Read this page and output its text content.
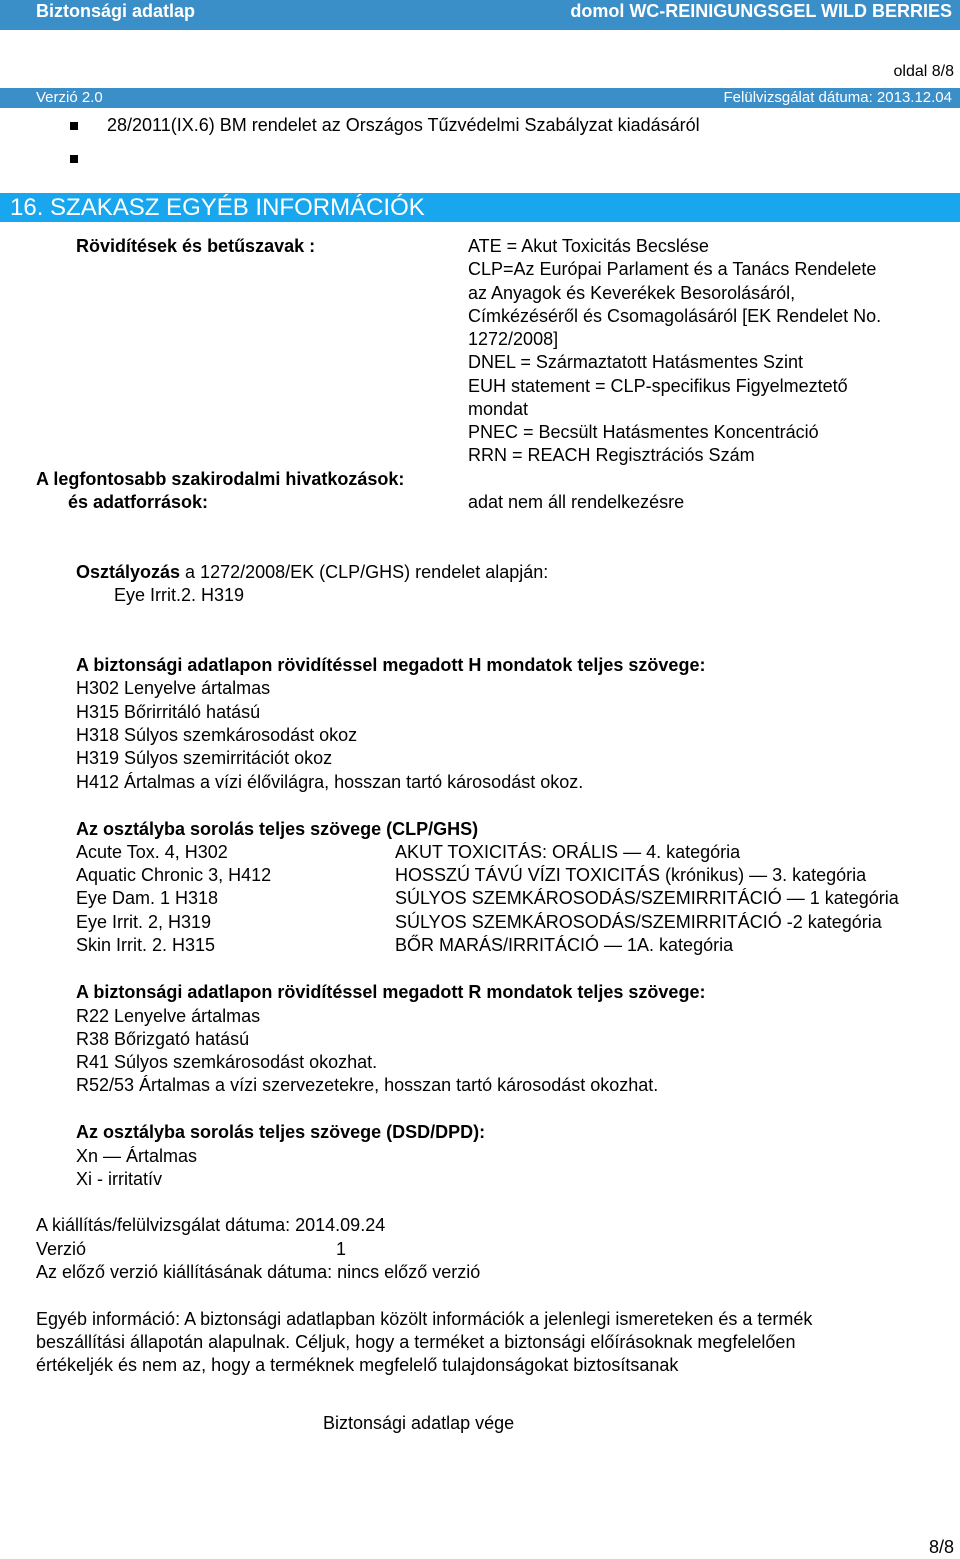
Biztonsági adatlap	domol WC-REINIGUNGSGEL WILD BERRIES
oldal 8/8
Verzió 2.0	Felülvizsgálat dátuma: 2013.12.04
28/2011(IX.6) BM rendelet az Országos Tűzvédelmi Szabályzat kiadásáról
16. SZAKASZ EGYÉB INFORMÁCIÓK
Rövidítések és betűszavak :	ATE = Akut Toxicitás Becslése
CLP=Az Európai Parlament és a Tanács Rendelete
az Anyagok és Keverékek Besorolásáról,
Címkézéséről és Csomagolásáról [EK Rendelet No.
1272/2008]
DNEL = Származtatott Hatásmentes Szint
EUH statement = CLP-specifikus Figyelmeztető
mondat
PNEC = Becsült Hatásmentes Koncentráció
RRN = REACH Regisztrációs Szám
A legfontosabb szakirodalmi hivatkozások:
és adatforrások:	adat nem áll rendelkezésre
Osztályozás a 1272/2008/EK (CLP/GHS) rendelet alapján:
Eye Irrit.2. H319
A biztonsági adatlapon rövidítéssel megadott H mondatok teljes szövege:
H302 Lenyelve ártalmas
H315 Bőrirritáló hatású
H318 Súlyos szemkárosodást okoz
H319 Súlyos szemirritációt okoz
H412 Ártalmas a vízi élővilágra, hosszan tartó károsodást okoz.
Az osztályba sorolás teljes szövege (CLP/GHS)
Acute Tox. 4, H302	AKUT TOXICITÁS: ORÁLIS — 4. kategória
Aquatic Chronic 3, H412	HOSSZÚ TÁVÚ VÍZI TOXICITÁS (krónikus) — 3. kategória
Eye Dam. 1 H318	SÚLYOS SZEMKÁROSODÁS/SZEMIRRITÁCIÓ — 1 kategória
Eye Irrit. 2, H319	SÚLYOS SZEMKÁROSODÁS/SZEMIRRITÁCIÓ -2 kategória
Skin Irrit. 2. H315	BŐR MARÁS/IRRITÁCIÓ — 1A. kategória
A biztonsági adatlapon rövidítéssel megadott R mondatok teljes szövege:
R22 Lenyelve ártalmas
R38 Bőrizgató hatású
R41 Súlyos szemkárosodást okozhat.
R52/53 Ártalmas a vízi szervezetekre, hosszan tartó károsodást okozhat.
Az osztályba sorolás teljes szövege (DSD/DPD):
Xn — Ártalmas
Xi - irritatív
A kiállítás/felülvizsgálat dátuma: 2014.09.24
Verzió	1
Az előző verzió kiállításának dátuma: nincs előző verzió
Egyéb információ: A biztonsági adatlapban közölt információk a jelenlegi ismereteken és a termék
beszállítási állapotán alapulnak. Céljuk, hogy a terméket a biztonsági előírásoknak megfelelően
értékeljék és nem az, hogy a terméknek megfelelő tulajdonságokat biztosítsanak
Biztonsági adatlap vége
8/8
